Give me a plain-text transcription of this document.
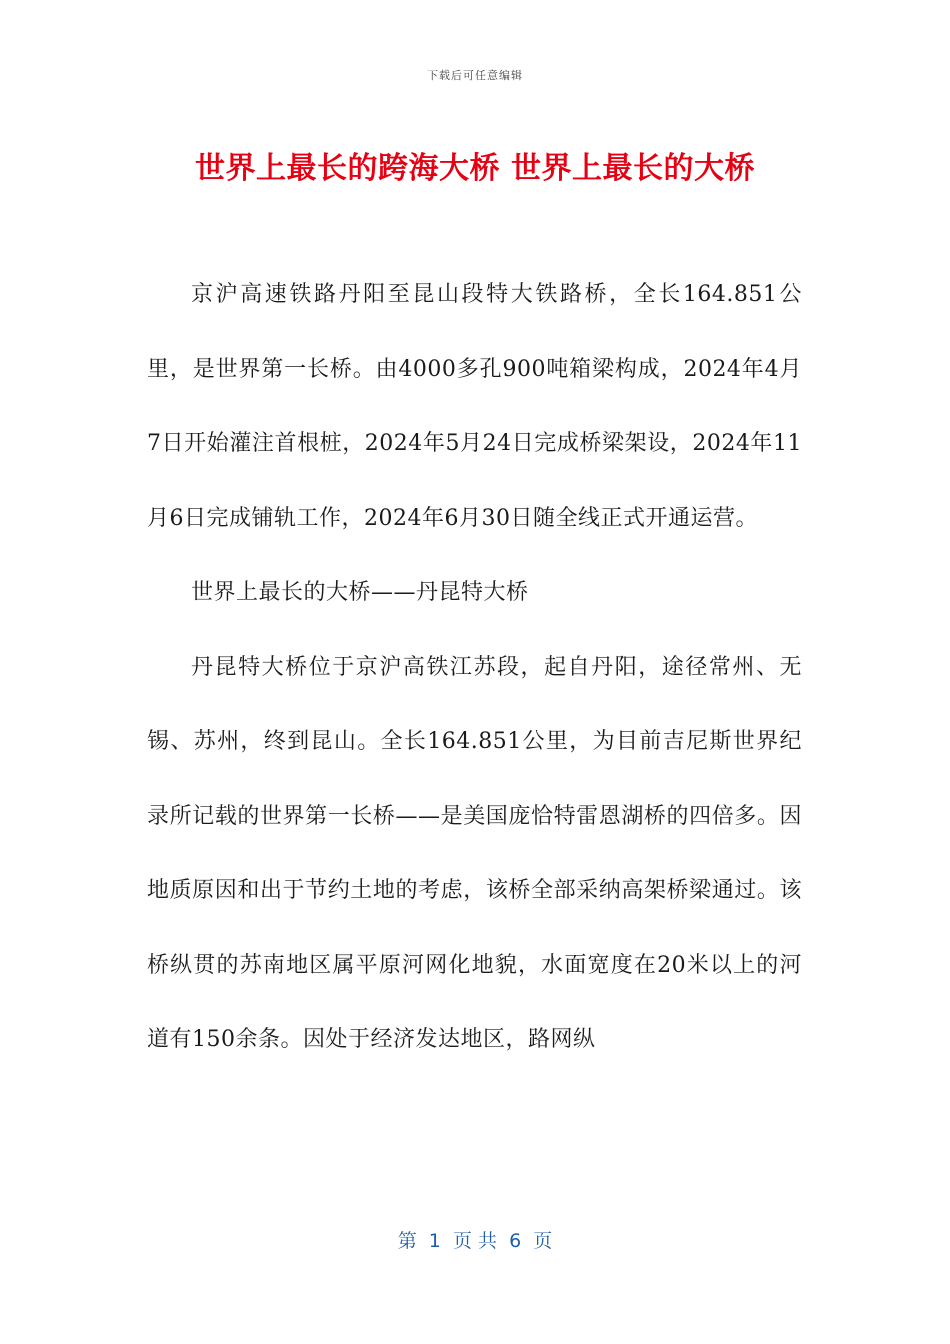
下载后可任意编辑
世界上最长的跨海大桥 世界上最长的大桥

京沪高速铁路丹阳至昆山段特大铁路桥，全长164.851公里，是世界第一长桥。由4000多孔900吨箱梁构成，2024年4月7日开始灌注首根桩，2024年5月24日完成桥梁架设，2024年11月6日完成铺轨工作，2024年6月30日随全线正式开通运营。

世界上最长的大桥——丹昆特大桥

丹昆特大桥位于京沪高铁江苏段，起自丹阳，途径常州、无锡、苏州，终到昆山。全长164.851公里，为目前吉尼斯世界纪录所记载的世界第一长桥——是美国庞恰特雷恩湖桥的四倍多。因地质原因和出于节约土地的考虑，该桥全部采纳高架桥梁通过。该桥纵贯的苏南地区属平原河网化地貌，水面宽度在20米以上的河道有150余条。因处于经济发达地区，路网纵

第  1  页 共  6  页
